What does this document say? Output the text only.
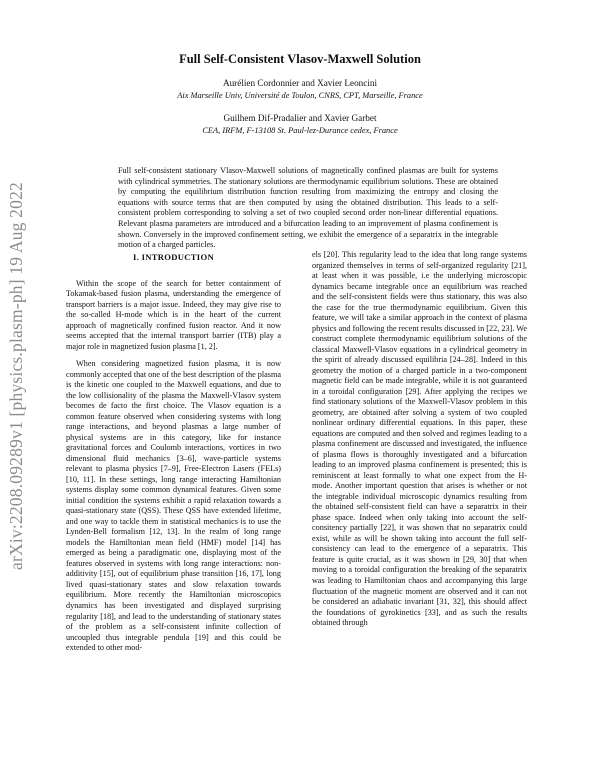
arXiv:2208.09289v1 [physics.plasm-ph] 19 Aug 2022
Full Self-Consistent Vlasov-Maxwell Solution

Aurélien Cordonnier and Xavier Leoncini

Aix Marseille Univ, Université de Toulon, CNRS, CPT, Marseille, France

Guilhem Dif-Pradalier and Xavier Garbet

CEA, IRFM, F-13108 St. Paul-lez-Durance cedex, France

Full self-consistent stationary Vlasov-Maxwell solutions of magnetically confined plasmas are built for systems with cylindrical symmetries. The stationary solutions are thermodynamic equilibrium solutions. These are obtained by computing the equilibrium distribution function resulting from maximizing the entropy and closing the equations with source terms that are then computed by using the obtained distribution. This leads to a self-consistent problem corresponding to solving a set of two coupled second order non-linear differential equations. Relevant plasma parameters are introduced and a bifurcation leading to an improvement of plasma confinement is shown. Conversely in the improved confinement setting, we exhibit the emergence of a separatrix in the integrable motion of a charged particles.

I. INTRODUCTION

Within the scope of the search for better containment of Tokamak-based fusion plasma, understanding the emergence of transport barriers is a major issue. Indeed, they may give rise to the so-called H-mode which is in the heart of the current approach of magnetically confined fusion reactor. And it now seems accepted that the internal transport barrier (ITB) play a major role in magnetized fusion plasma [1, 2].

When considering magnetized fusion plasma, it is now commonly accepted that one of the best description of the plasma is the kinetic one coupled to the Maxwell equations, and due to the low collisionality of the plasma the Maxwell-Vlasov system becomes de facto the first choice. The Vlasov equation is a common feature observed when considering systems with long range interactions, and beyond plasmas a large number of physical systems are in this category, like for instance gravitational forces and Coulomb interactions, vortices in two dimensional fluid mechanics [3–6], wave-particle systems relevant to plasma physics [7–9], Free-Electron Lasers (FELs) [10, 11]. In these settings, long range interacting Hamiltonian systems display some common dynamical features. Given some initial condition the systems exhibit a rapid relaxation towards a quasi-stationary state (QSS). These QSS have extended lifetime, and one way to tackle them in statistical mechanics is to use the Lynden-Bell formalism [12, 13]. In the realm of long range models the Hamiltonian mean field (HMF) model [14] has emerged as being a paradigmatic one, displaying most of the features observed in systems with long range interactions: non-additivity [15], out of equilibrium phase transition [16, 17], long lived quasi-stationary states and slow relaxation towards equilibrium. More recently the Hamiltonian microscopics dynamics has been investigated and displayed surprising regularity [18], and lead to the understanding of stationary states of the problem as a self-consistent infinite collection of uncoupled thus integrable pendula [19] and this could be extended to other mod-

els [20]. This regularity lead to the idea that long range systems organized themselves in terms of self-organized regularity [21], at least when it was possible, i.e the underlying microscopic dynamics became integrable once an equilibrium was reached and the self-consistent fields were thus stationary, this was also the case for the true thermodynamic equilibrium. Given this feature, we will take a similar approach in the context of plasma physics and following the recent results discussed in [22, 23]. We construct complete thermodynamic equilibrium solutions of the classical Maxwell-Vlasov equations in a cylindrical geometry in the spirit of already discussed equilibria [24–28]. Indeed in this geometry the motion of a charged particle in a two-component magnetic field can be made integrable, while it is not guaranteed in a toroidal configuration [29]. After applying the recipes we find stationary solutions of the Maxwell-Vlasov problem in this geometry, are obtained after solving a system of two coupled nonlinear ordinary differential equations. In this paper, these equations are computed and then solved and regimes leading to a plasma confinement are discussed and investigated, the influence of plasma flows is thoroughly investigated and a bifurcation leading to an improved plasma confinement is presented; this is reminiscent at least formally to what one expect from the H-mode. Another important question that arises is whether or not the integrable individual microscopic dynamics resulting from the obtained self-consistent field can have a separatrix in their phase space. Indeed when only taking into account the self-consitency partially [22], it was shown that no separatrix could exist, while as will be shown taking into account the full self-consistency can lead to the emergence of a separatrix. This feature is quite crucial, as it was shown in [29, 30] that when moving to a toroidal configuration the breaking of the separatrix was leading to Hamiltonian chaos and accompanying this large fluctuation of the magnetic moment are observed and it can not be considered an adiabatic invariant [31, 32], this should affect the foundations of gyrokinetics [33], and as such the results obtained through
